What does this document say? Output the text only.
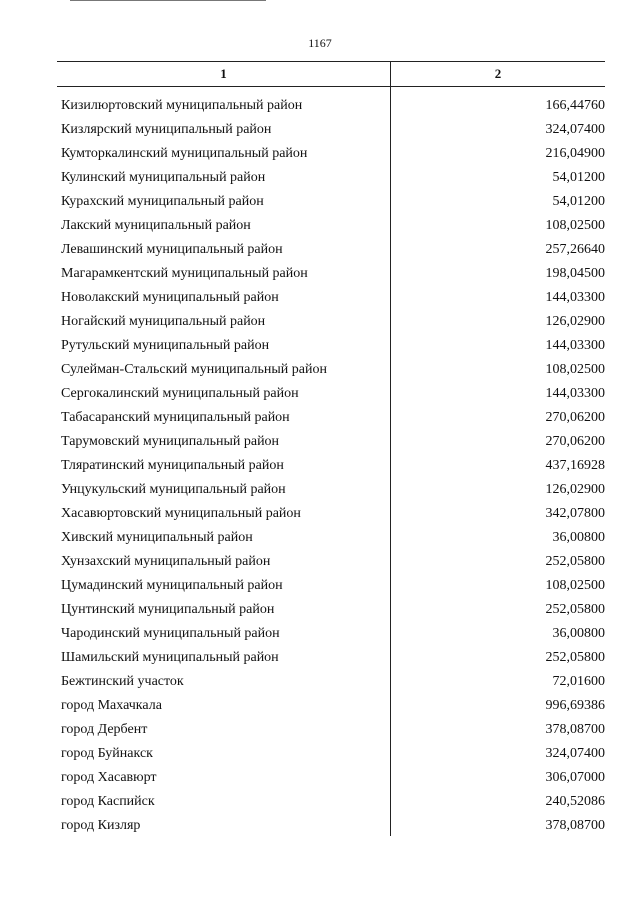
1167
1	2
Кизилюртовский муниципальный район	166,44760
Кизлярский муниципальный район	324,07400
Кумторкалинский муниципальный район	216,04900
Кулинский муниципальный район	54,01200
Курахский муниципальный район	54,01200
Лакский муниципальный район	108,02500
Левашинский муниципальный район	257,26640
Магарамкентский муниципальный район	198,04500
Новолакский муниципальный район	144,03300
Ногайский муниципальный район	126,02900
Рутульский муниципальный район	144,03300
Сулейман-Стальский муниципальный район	108,02500
Сергокалинский муниципальный район	144,03300
Табасаранский муниципальный район	270,06200
Тарумовский муниципальный район	270,06200
Тляратинский муниципальный район	437,16928
Унцукульский муниципальный район	126,02900
Хасавюртовский муниципальный район	342,07800
Хивский муниципальный район	36,00800
Хунзахский муниципальный район	252,05800
Цумадинский муниципальный район	108,02500
Цунтинский муниципальный район	252,05800
Чародинский муниципальный район	36,00800
Шамильский муниципальный район	252,05800
Бежтинский участок	72,01600
город Махачкала	996,69386
город Дербент	378,08700
город Буйнакск	324,07400
город Хасавюрт	306,07000
город Каспийск	240,52086
город Кизляр	378,08700
